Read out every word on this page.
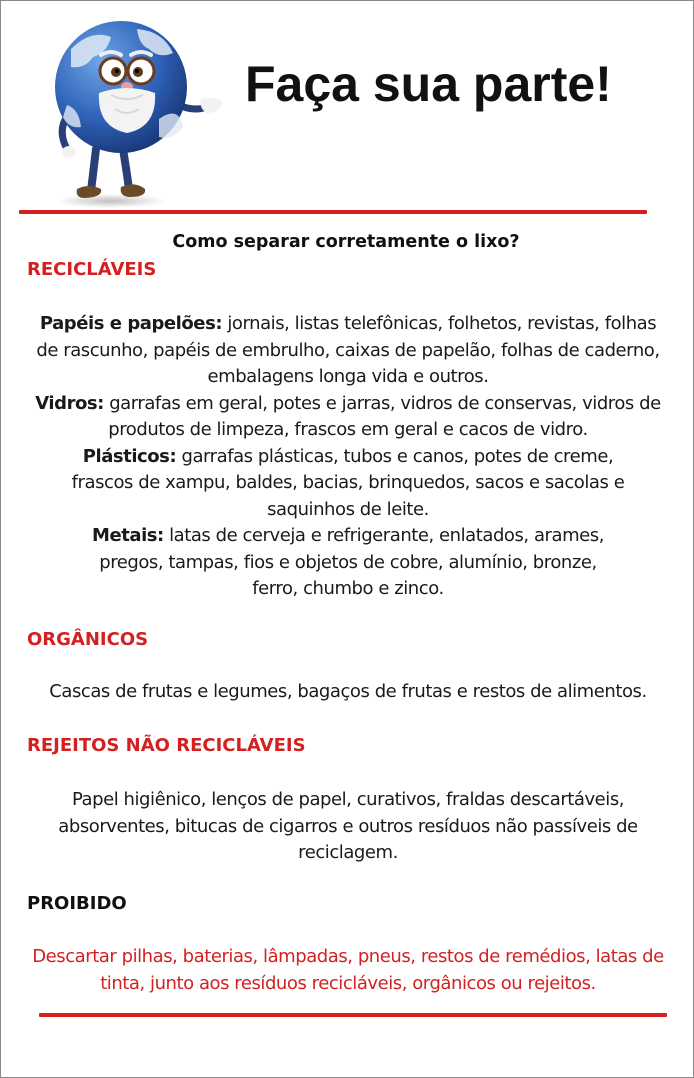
Faça sua parte!
Como separar corretamente o lixo?
RECICLÁVEIS

Papéis e papelões: jornais, listas telefônicas, folhetos, revistas, folhas
de rascunho, papéis de embrulho, caixas de papelão, folhas de caderno,
embalagens longa vida e outros.

Vidros: garrafas em geral, potes e jarras, vidros de conservas, vidros de
produtos de limpeza, frascos em geral e cacos de vidro.

Plásticos: garrafas plásticas, tubos e canos, potes de creme,
frascos de xampu, baldes, bacias, brinquedos, sacos e sacolas e
saquinhos de leite.

Metais: latas de cerveja e refrigerante, enlatados, arames,
pregos, tampas, fios e objetos de cobre, alumínio, bronze,
ferro, chumbo e zinco.

ORGÂNICOS
Cascas de frutas e legumes, bagaços de frutas e restos de alimentos.
REJEITOS NÃO RECICLÁVEIS
Papel higiênico, lenços de papel, curativos, fraldas descartáveis,
absorventes, bitucas de cigarros e outros resíduos não passíveis de
reciclagem.
PROIBIDO
Descartar pilhas, baterias, lâmpadas, pneus, restos de remédios, latas de
tinta, junto aos resíduos recicláveis, orgânicos ou rejeitos.
